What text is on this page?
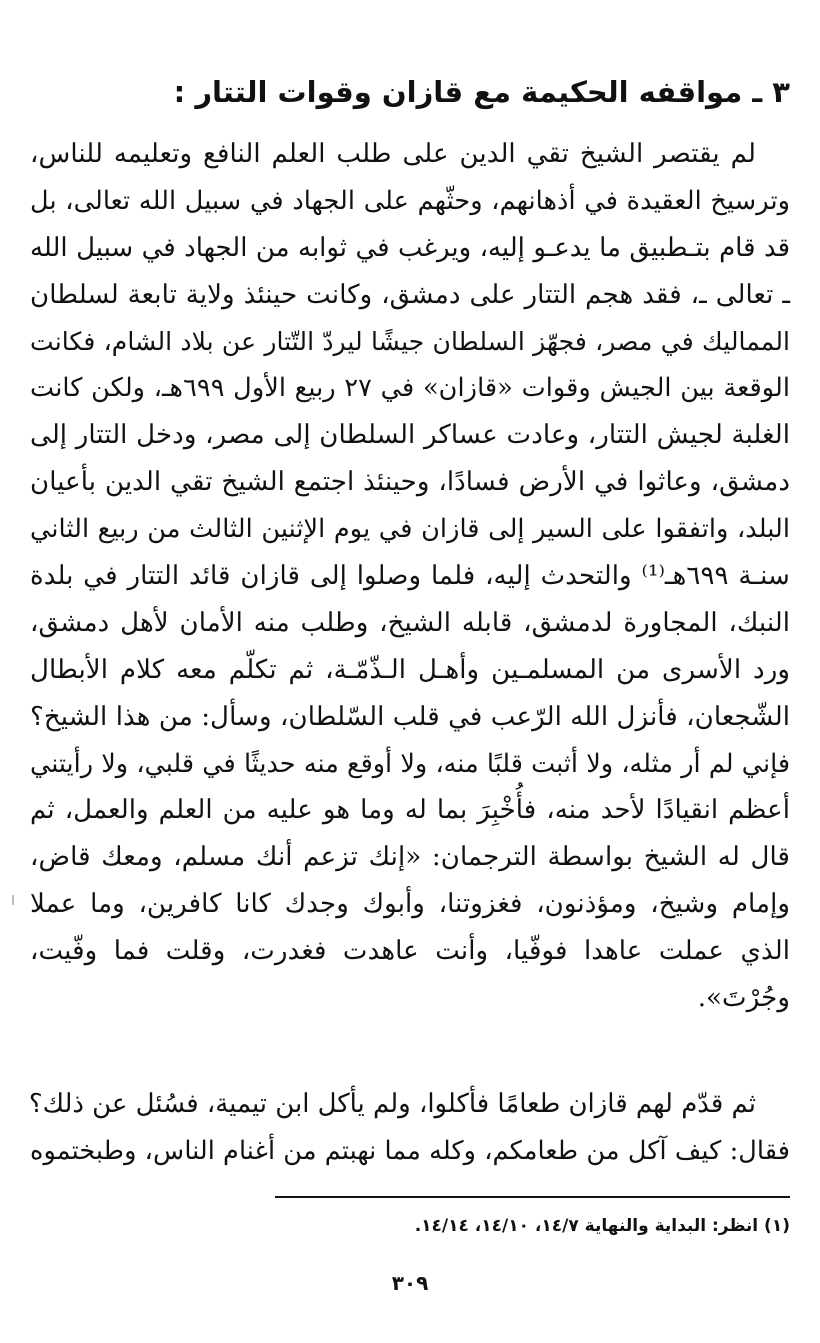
٣ ـ مواقفه الحكيمة مع قازان وقوات التتار :
لم يقتصر الشيخ تقي الدين على طلب العلم النافع وتعليمه للناس،
وترسيخ العقيدة في أذهانهم، وحثّهم على الجهاد في سبيل الله تعالى، بل
قد قام بتـطبيق ما يدعـو إليه، ويرغب في ثوابه من الجهاد في سبيل الله
ـ تعالى ـ، فقد هجم التتار على دمشق، وكانت حينئذ ولاية تابعة لسلطان
المماليك في مصر، فجهّز السلطان جيشًا ليردّ التّتار عن بلاد الشام، فكانت
الوقعة بين الجيش وقوات «قازان» في ٢٧ ربيع الأول ٦٩٩هـ، ولكن كانت
الغلبة لجيش التتار، وعادت عساكر السلطان إلى مصر، ودخل التتار إلى
دمشق، وعاثوا في الأرض فسادًا، وحينئذ اجتمع الشيخ تقي الدين بأعيان
البلد، واتفقوا على السير إلى قازان في يوم الإثنين الثالث من ربيع الثاني
سنـة ٦٩٩هـ⁽¹⁾ والتحدث إليه، فلما وصلوا إلى قازان قائد التتار في بلدة
النبك، المجاورة لدمشق، قابله الشيخ، وطلب منه الأمان لأهل دمشق،
ورد الأسرى من المسلمـين وأهـل الـذّمّـة، ثم تكلّم معه كلام الأبطال
الشّجعان، فأنزل الله الرّعب في قلب السّلطان، وسأل: من هذا الشيخ؟
فإني لم أر مثله، ولا أثبت قلبًا منه، ولا أوقع منه حديثًا في قلبي، ولا رأيتني
أعظم انقيادًا لأحد منه، فأُخْبِرَ بما له وما هو عليه من العلم والعمل، ثم
قال له الشيخ بواسطة الترجمان: «إنك تزعم أنك مسلم، ومعك قاض،
وإمام وشيخ، ومؤذنون، فغزوتنا، وأبوك وجدك كانا كافرين، وما عملا
الذي عملت عاهدا فوفّيا، وأنت عاهدت فغدرت، وقلت فما وفّيت،
وجُرْتَ».
ثم قدّم لهم قازان طعامًا فأكلوا، ولم يأكل ابن تيمية، فسُئل عن ذلك؟
فقال: كيف آكل من طعامكم، وكله مما نهبتم من أغنام الناس، وطبختموه
(١) انظر: البداية والنهاية ١٤/٧، ١٤/١٠، ١٤/١٤.
٣٠٩
